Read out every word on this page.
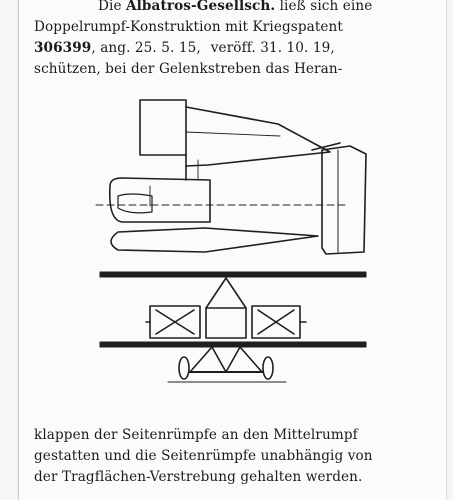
Die Albatros-Gesellsch. ließ sich eine
Doppelrumpf-Konstruktion mit Kriegspatent
306399, ang. 25. 5. 15, veröff. 31. 10. 19,
schützen, bei der Gelenkstreben das Heran-
klappen der Seitenrümpfe an den Mittelrumpf
gestatten und die Seitenrümpfe unabhängig von
der Tragflächen-Verstrebung gehalten werden.
